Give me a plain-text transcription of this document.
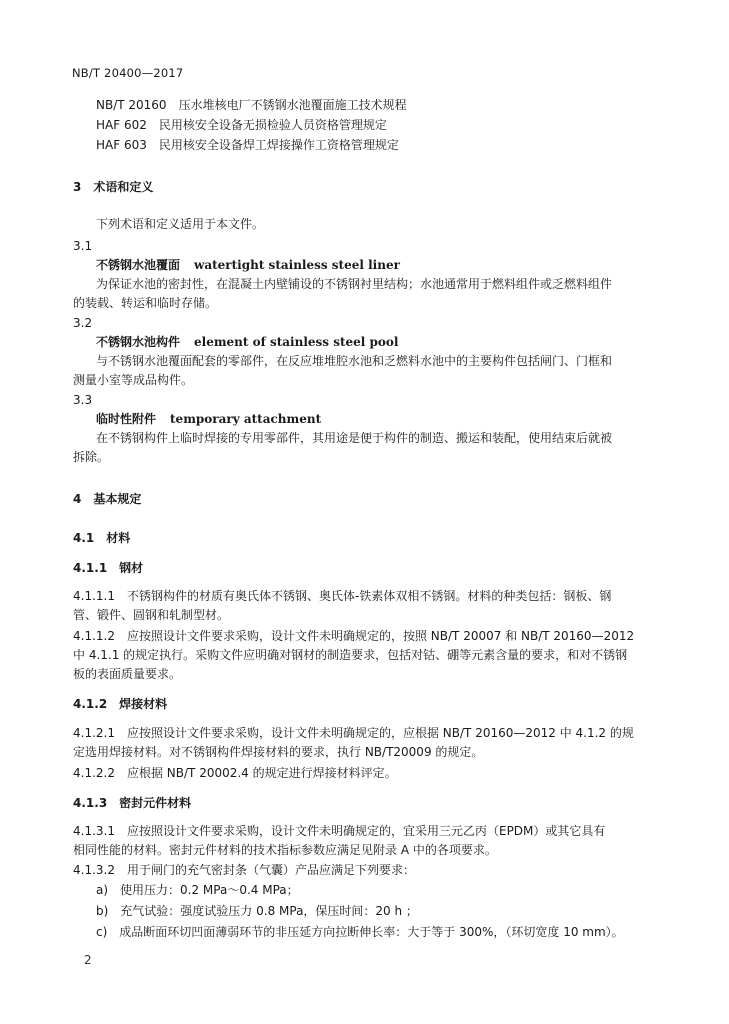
NB/T 20400—2017
NB/T 20160　压水堆核电厂不锈钢水池覆面施工技术规程
HAF 602　民用核安全设备无损检验人员资格管理规定
HAF 603　民用核安全设备焊工焊接操作工资格管理规定
3　术语和定义
下列术语和定义适用于本文件。
3.1
不锈钢水池覆面 watertight stainless steel liner
为保证水池的密封性，在混凝土内壁铺设的不锈钢衬里结构；水池通常用于燃料组件或乏燃料组件
的装载、转运和临时存储。
3.2
不锈钢水池构件 element of stainless steel pool
与不锈钢水池覆面配套的零部件，在反应堆堆腔水池和乏燃料水池中的主要构件包括闸门、门框和
测量小室等成品构件。
3.3
临时性附件 temporary attachment
在不锈钢构件上临时焊接的专用零部件，其用途是便于构件的制造、搬运和装配，使用结束后就被
拆除。
4　基本规定
4.1　材料
4.1.1　钢材
4.1.1.1　不锈钢构件的材质有奥氏体不锈钢、奥氏体-铁素体双相不锈钢。材料的种类包括：钢板、钢
管、锻件、圆钢和轧制型材。
4.1.1.2　应按照设计文件要求采购，设计文件未明确规定的，按照 NB/T 20007 和 NB/T 20160—2012
中 4.1.1 的规定执行。采购文件应明确对钢材的制造要求，包括对钴、硼等元素含量的要求，和对不锈钢
板的表面质量要求。
4.1.2　焊接材料
4.1.2.1　应按照设计文件要求采购，设计文件未明确规定的，应根据 NB/T 20160—2012 中 4.1.2 的规
定选用焊接材料。对不锈钢构件焊接材料的要求，执行 NB/T20009 的规定。
4.1.2.2　应根据 NB/T 20002.4 的规定进行焊接材料评定。
4.1.3　密封元件材料
4.1.3.1　应按照设计文件要求采购，设计文件未明确规定的，宜采用三元乙丙（EPDM）或其它具有
相同性能的材料。密封元件材料的技术指标参数应满足见附录 A 中的各项要求。
4.1.3.2　用于闸门的充气密封条（气囊）产品应满足下列要求：
a)　使用压力：0.2 MPa～0.4 MPa；
b)　充气试验：强度试验压力 0.8 MPa，保压时间：20 h ；
c)　成品断面环切凹面薄弱环节的非压延方向拉断伸长率：大于等于 300%，（环切宽度 10 mm）。
2
